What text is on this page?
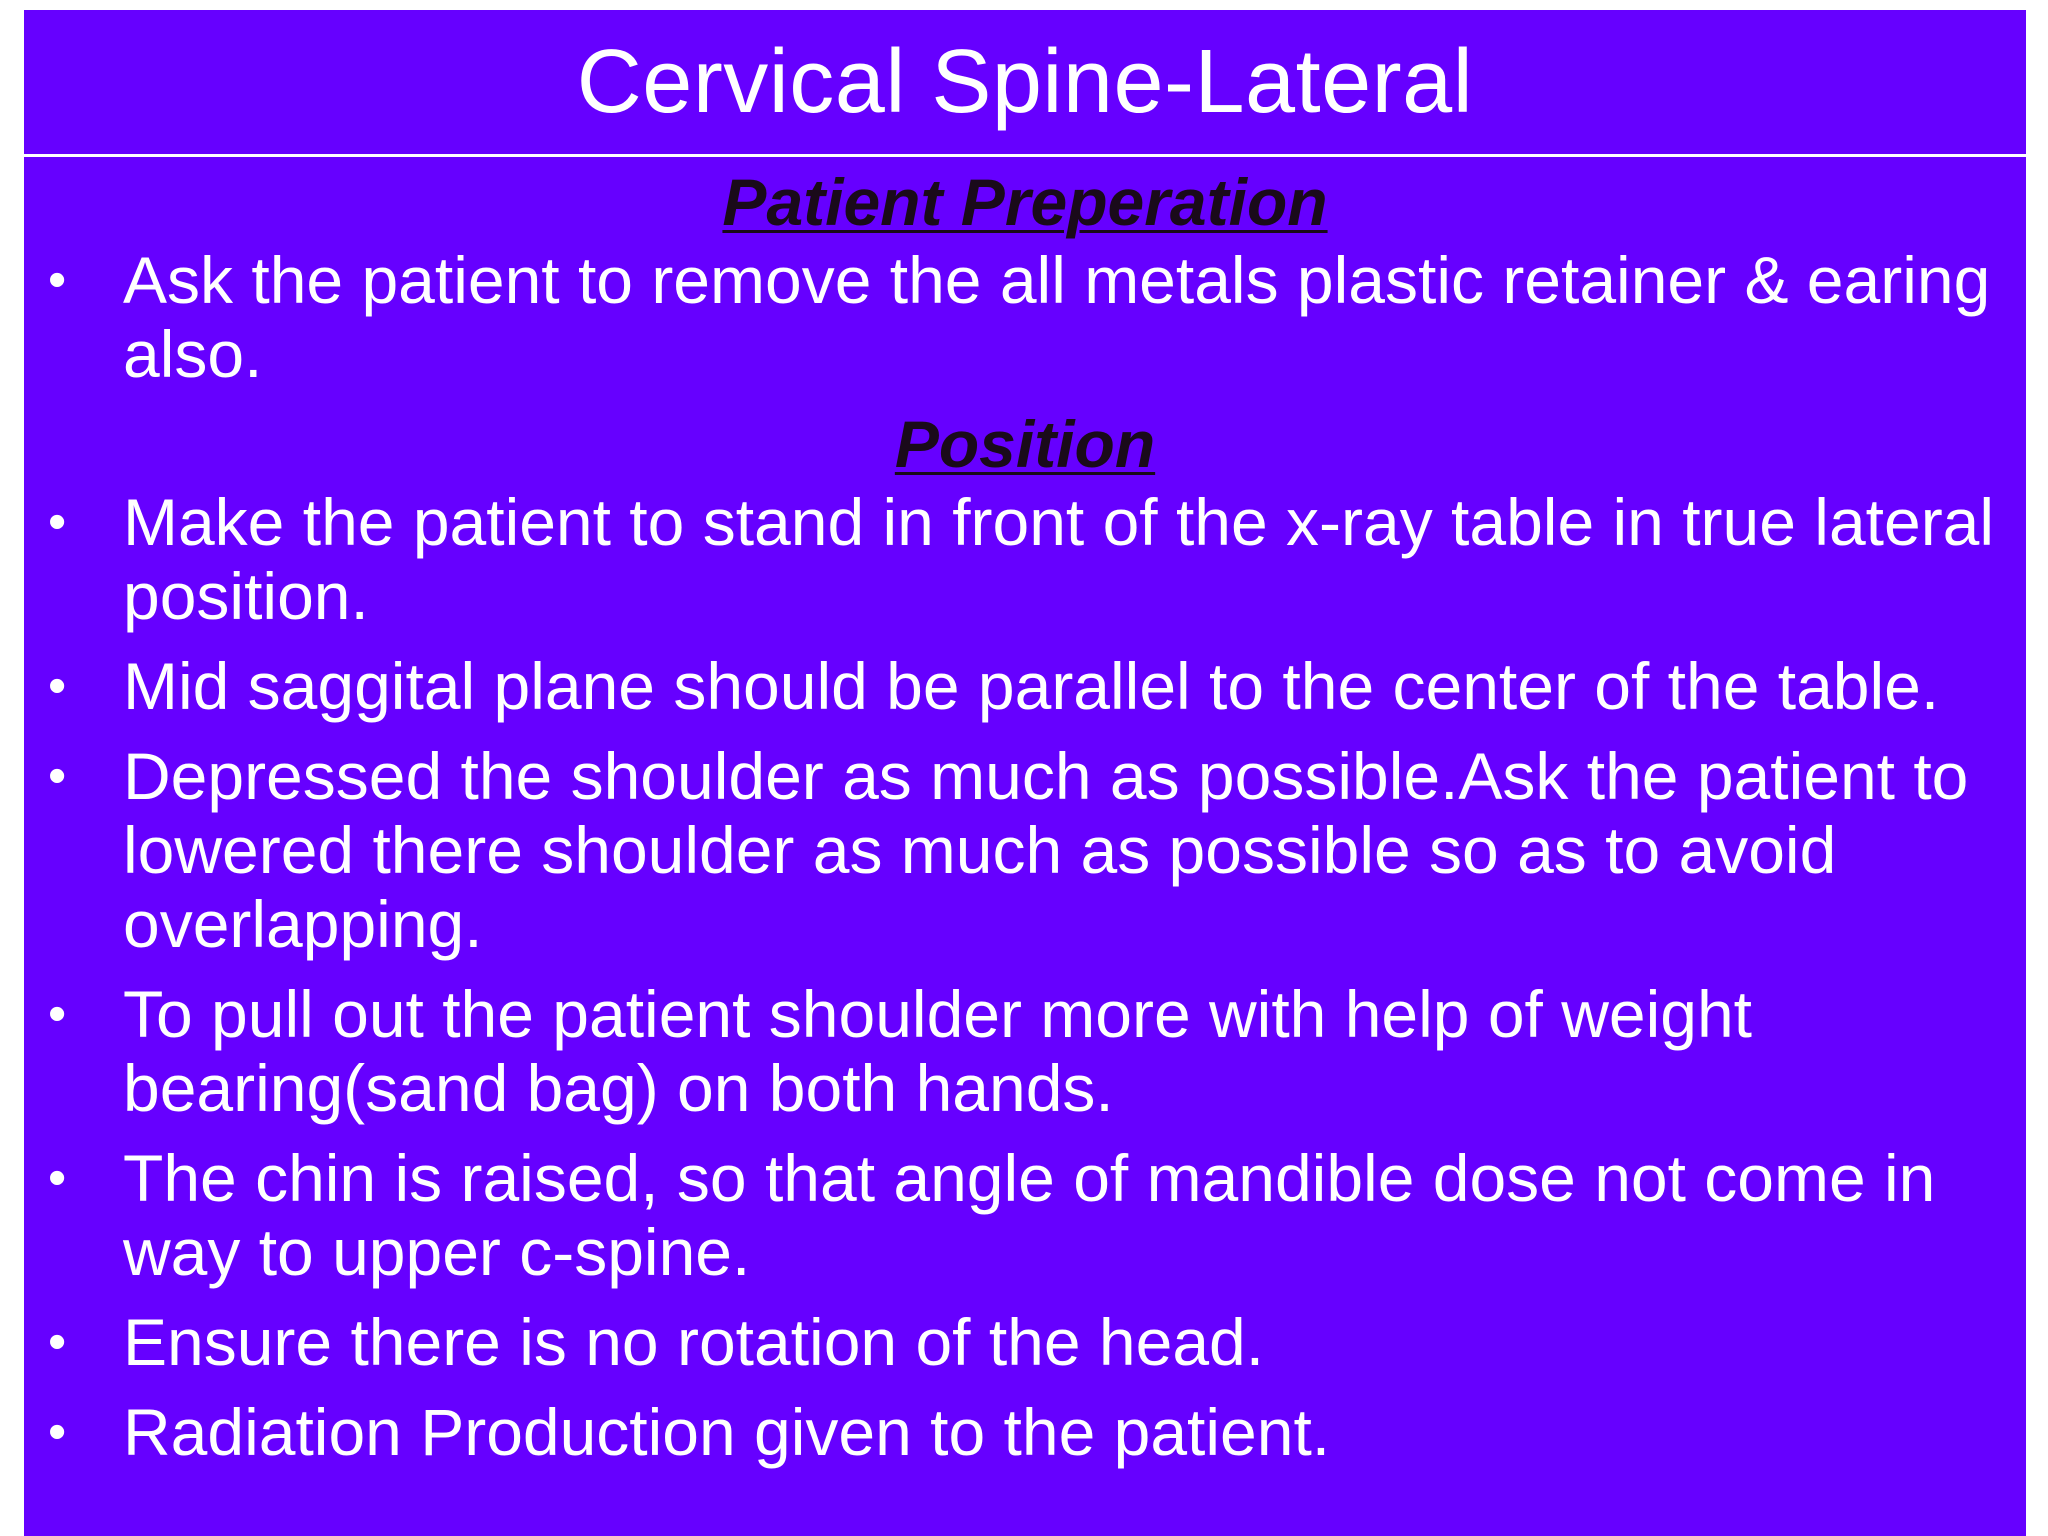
Cervical Spine-Lateral
Patient Preperation
• Ask the patient to remove the all metals plastic retainer & earing also.
Position
• Make the patient to stand in front of the x-ray table in true lateral position.
• Mid saggital plane should be parallel to the center of the table.
• Depressed the shoulder as much as possible.Ask the patient to lowered there shoulder as much as possible so as to avoid overlapping.
• To pull out the patient shoulder more with help of weight bearing(sand bag) on both hands.
• The chin is raised, so that angle of mandible dose not come in way to upper c-spine.
• Ensure there is no rotation of the head.
• Radiation Production given to the patient.
